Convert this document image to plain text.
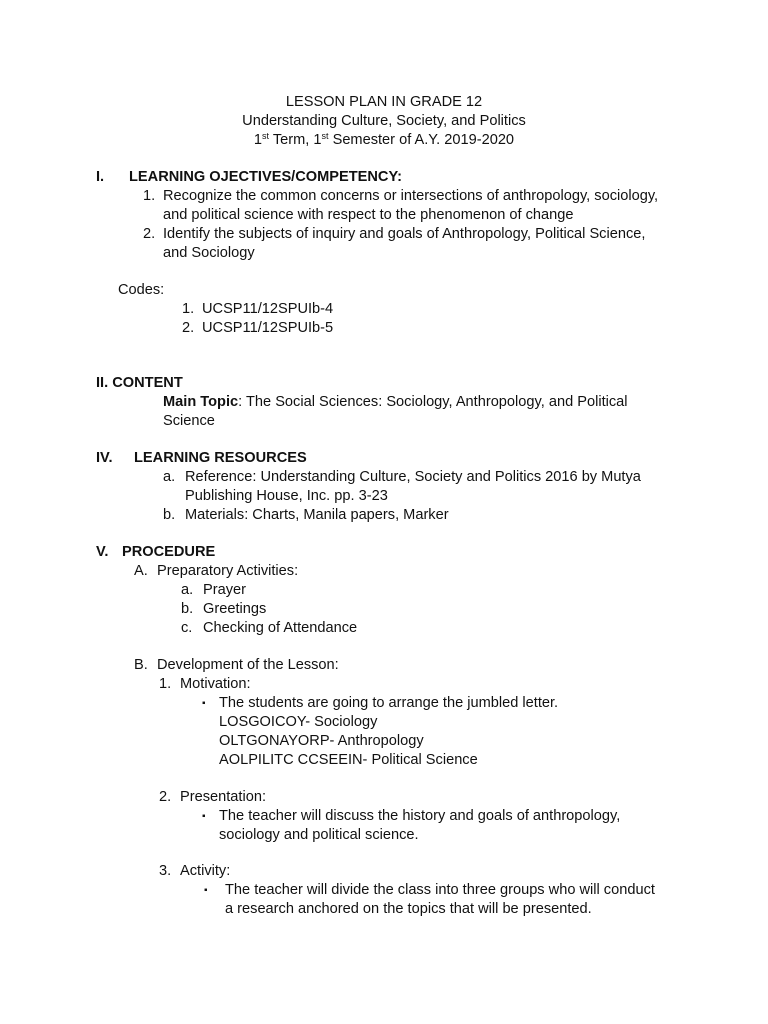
LESSON PLAN IN GRADE 12
Understanding Culture, Society, and Politics
1st Term, 1st Semester of A.Y. 2019-2020
I. LEARNING OJECTIVES/COMPETENCY:
1. Recognize the common concerns or intersections of anthropology, sociology,
and political science with respect to the phenomenon of change
2. Identify the subjects of inquiry and goals of Anthropology, Political Science,
and Sociology
Codes:
1. UCSP11/12SPUIb-4
2. UCSP11/12SPUIb-5
II. CONTENT
Main Topic: The Social Sciences: Sociology, Anthropology, and Political
Science
IV. LEARNING RESOURCES
a. Reference: Understanding Culture, Society and Politics 2016 by Mutya
Publishing House, Inc. pp. 3-23
b. Materials: Charts, Manila papers, Marker
V. PROCEDURE
A. Preparatory Activities:
a. Prayer
b. Greetings
c. Checking of Attendance
B. Development of the Lesson:
1. Motivation:
▪ The students are going to arrange the jumbled letter.
LOSGOICOY- Sociology
OLTGONAYORP- Anthropology
AOLPILITC CCSEEIN- Political Science
2. Presentation:
▪ The teacher will discuss the history and goals of anthropology,
sociology and political science.
3. Activity:
▪ The teacher will divide the class into three groups who will conduct
a research anchored on the topics that will be presented.
